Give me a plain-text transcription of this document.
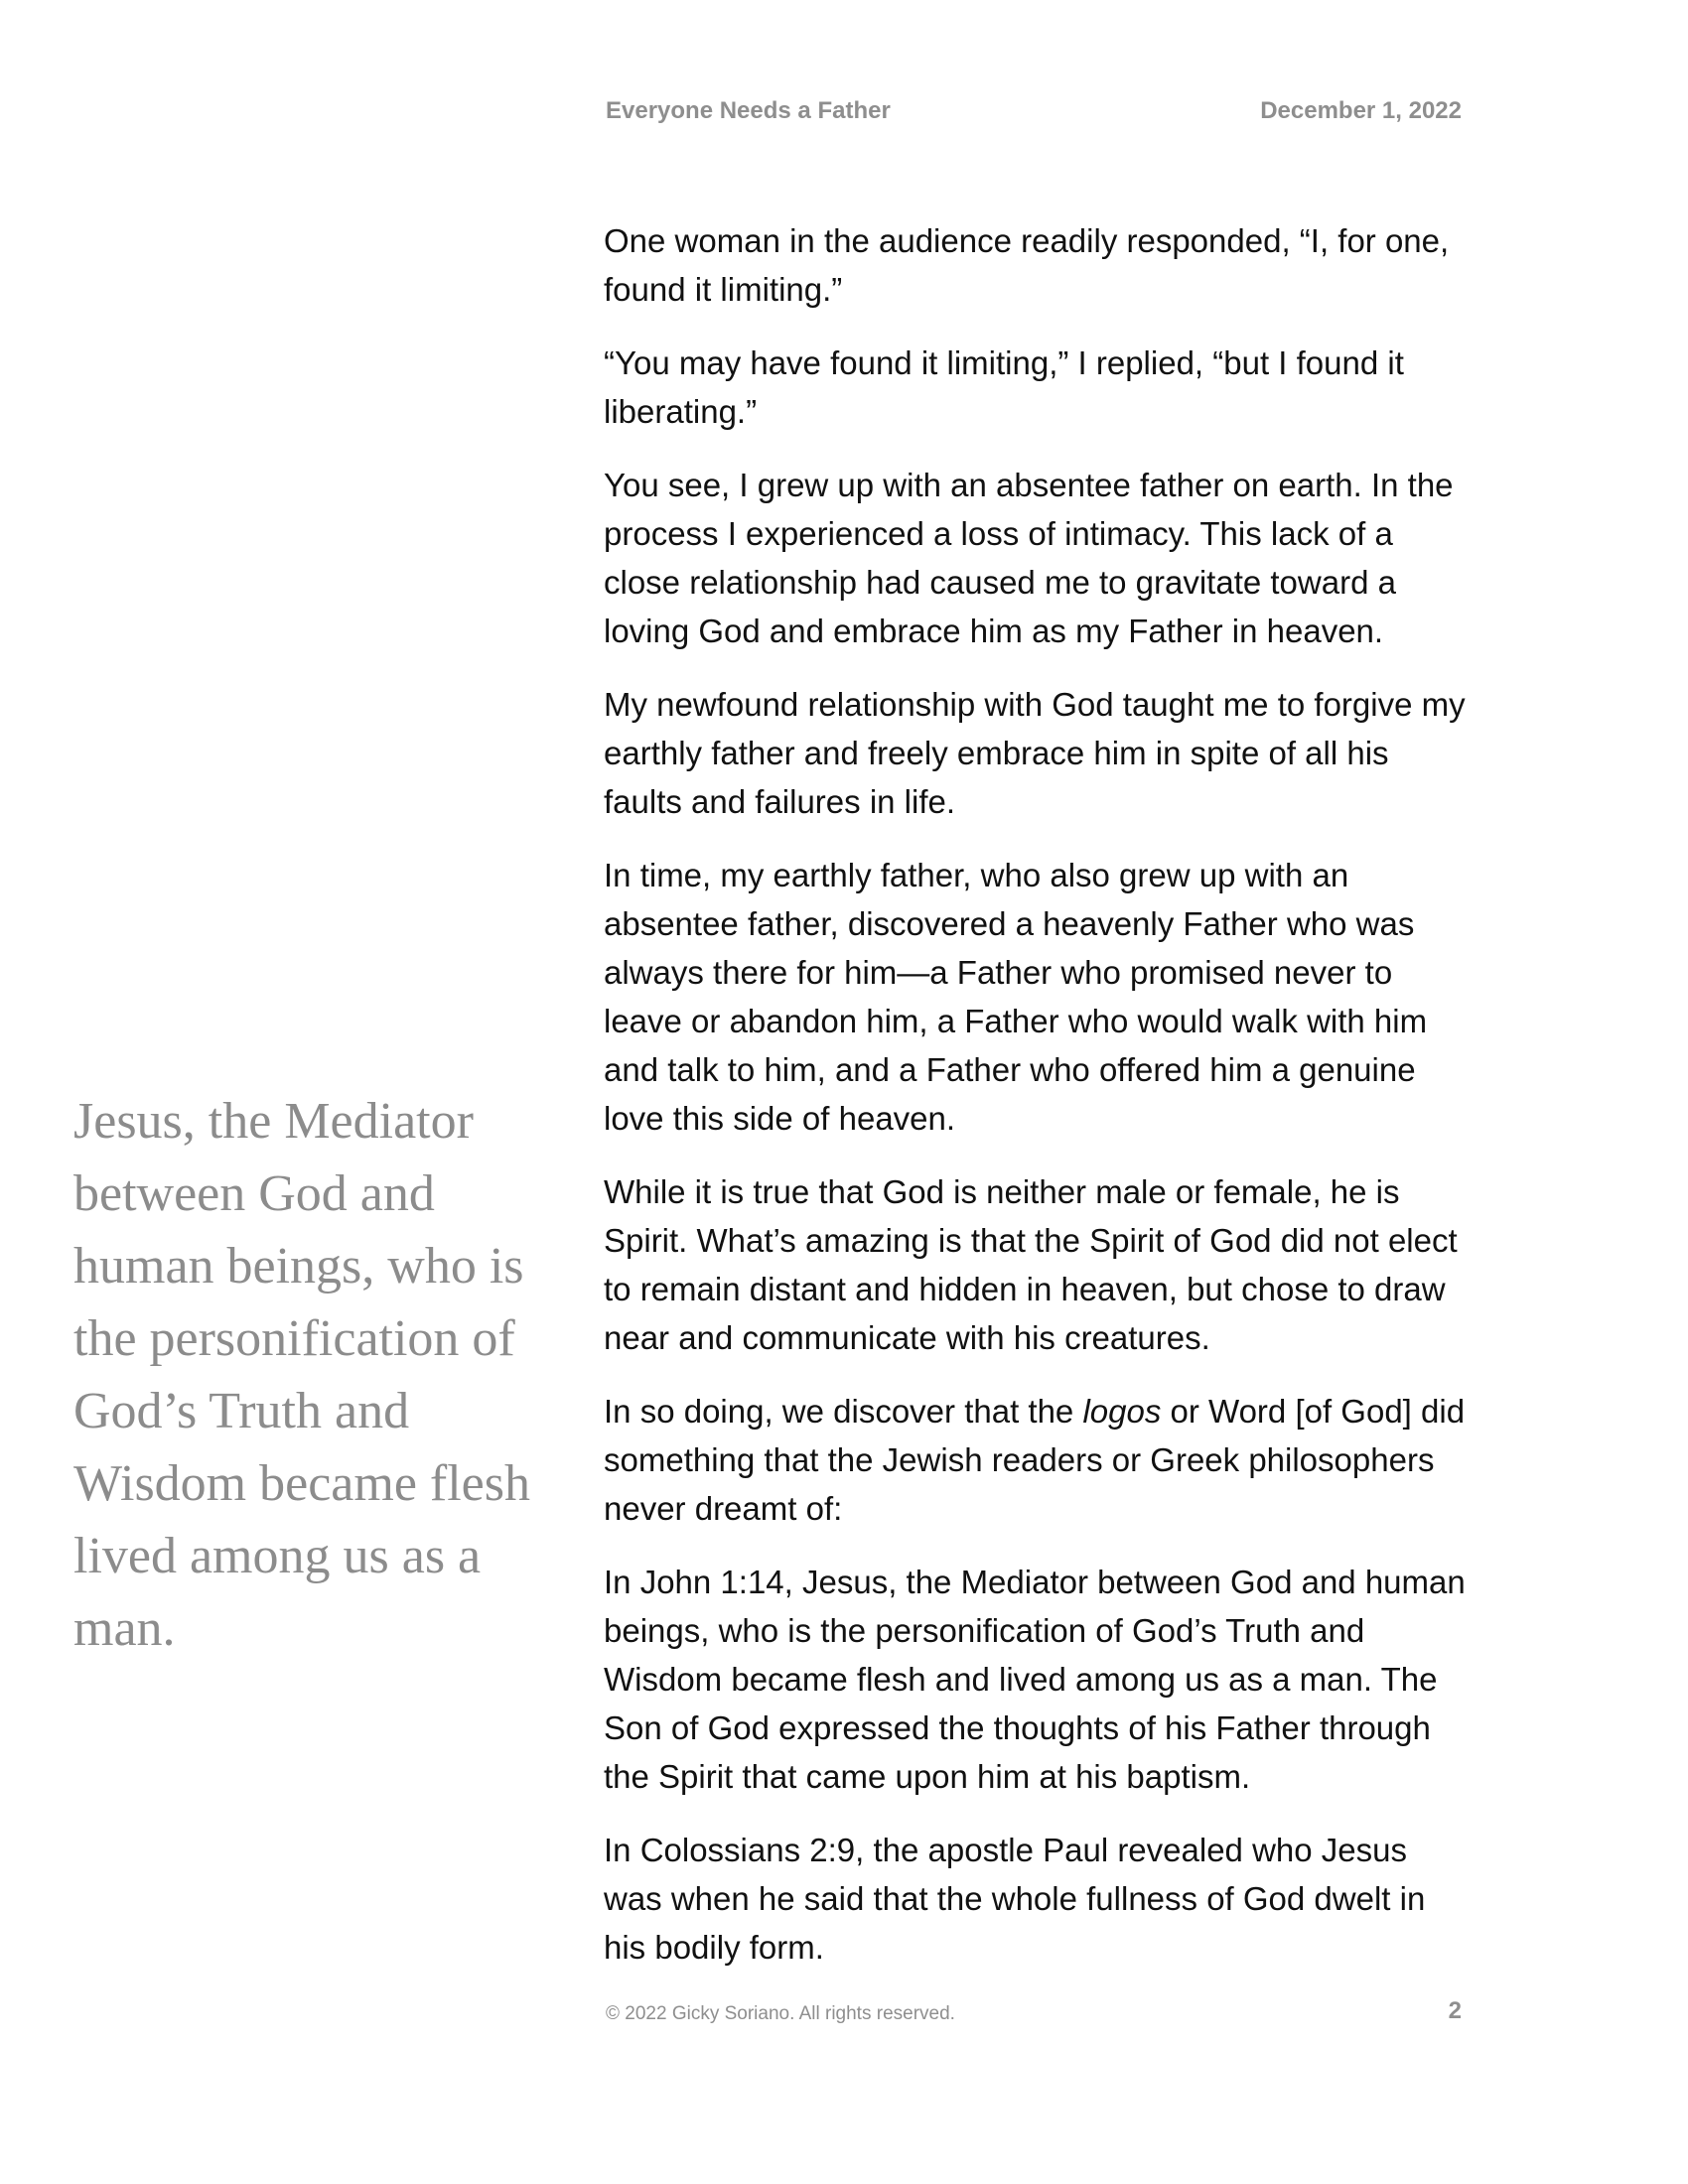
Everyone Needs a Father	December 1, 2022
Jesus, the Mediator between God and human beings, who is the personification of God’s Truth and Wisdom became flesh lived among us as a man.

One woman in the audience readily responded, “I, for one, found it limiting.”

“You may have found it limiting,” I replied, “but I found it liberating.”

You see, I grew up with an absentee father on earth. In the process I experienced a loss of intimacy. This lack of a close relationship had caused me to gravitate toward a loving God and embrace him as my Father in heaven.

My newfound relationship with God taught me to forgive my earthly father and freely embrace him in spite of all his faults and failures in life.

In time, my earthly father, who also grew up with an absentee father, discovered a heavenly Father who was always there for him—a Father who promised never to leave or abandon him, a Father who would walk with him and talk to him, and a Father who offered him a genuine love this side of heaven.

While it is true that God is neither male or female, he is Spirit. What’s amazing is that the Spirit of God did not elect to remain distant and hidden in heaven, but chose to draw near and communicate with his creatures.

In so doing, we discover that the logos or Word [of God] did something that the Jewish readers or Greek philosophers never dreamt of:

In John 1:14, Jesus, the Mediator between God and human beings, who is the personification of God’s Truth and Wisdom became flesh and lived among us as a man. The Son of God expressed the thoughts of his Father through the Spirit that came upon him at his baptism.

In Colossians 2:9, the apostle Paul revealed who Jesus was when he said that the whole fullness of God dwelt in his bodily form.

© 2022 Gicky Soriano. All rights reserved.	2
